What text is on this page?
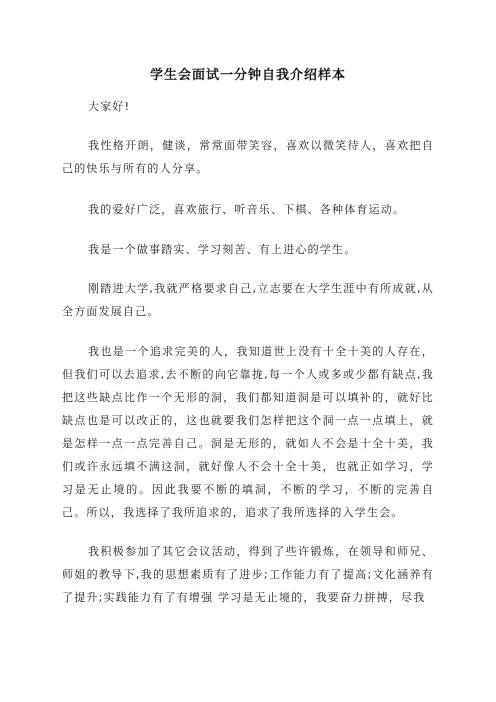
学生会面试一分钟自我介绍样本

大家好!

我性格开朗，健谈，常常面带笑容，喜欢以微笑待人，喜欢把自己的快乐与所有的人分享。

我的爱好广泛，喜欢旅行、听音乐、下棋、各种体育运动。

我是一个做事踏实、学习刻苦、有上进心的学生。

刚踏进大学,我就严格要求自己,立志要在大学生涯中有所成就,从全方面发展自己。

我也是一个追求完美的人，我知道世上没有十全十美的人存在，但我们可以去追求,去不断的向它靠拢,每一个人或多或少都有缺点,我把这些缺点比作一个无形的洞，我们都知道洞是可以填补的，就好比缺点也是可以改正的，这也就要我们怎样把这个洞一点一点填上，就是怎样一点一点完善自己。洞是无形的，就如人不会是十全十美，我们或许永远填不满这洞，就好像人不会十全十美，也就正如学习，学习是无止境的。因此我要不断的填洞，不断的学习，不断的完善自己。所以，我选择了我所追求的，追求了我所选择的入学生会。

我积极参加了其它会议活动，得到了些许锻炼，在领导和师兄、师姐的教导下,我的思想素质有了进步;工作能力有了提高;文化涵养有了提升;实践能力有了有增强 学习是无止境的，我要奋力拼搏，尽我
